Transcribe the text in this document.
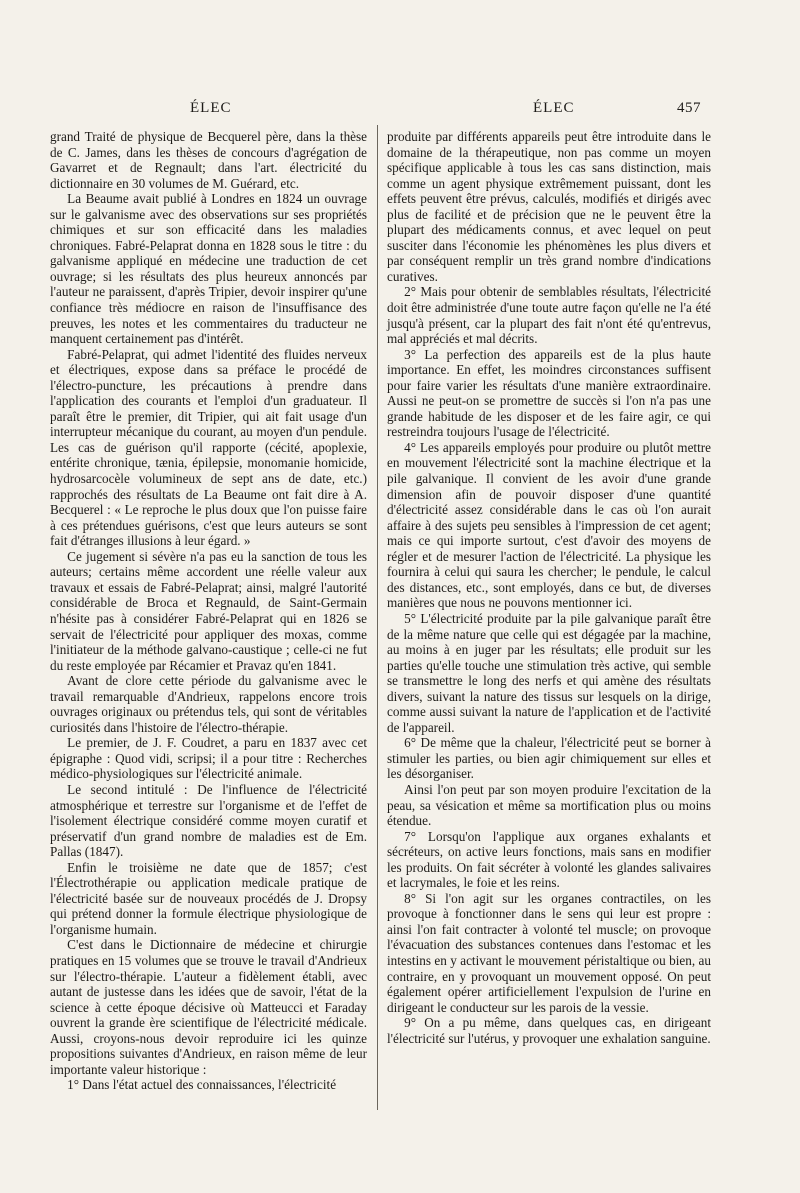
ÉLEC	ÉLEC	457

grand Traité de physique de Becquerel père, dans la thèse de C. James, dans les thèses de concours d'agrégation de Gavarret et de Regnault; dans l'art. électricité du dictionnaire en 30 volumes de M. Guérard, etc.

La Beaume avait publié à Londres en 1824 un ouvrage sur le galvanisme avec des observations sur ses propriétés chimiques et sur son efficacité dans les maladies chroniques. Fabré-Pelaprat donna en 1828 sous le titre : du galvanisme appliqué en médecine une traduction de cet ouvrage; si les résultats des plus heureux annoncés par l'auteur ne paraissent, d'après Tripier, devoir inspirer qu'une confiance très médiocre en raison de l'insuffisance des preuves, les notes et les commentaires du traducteur ne manquent certainement pas d'intérêt.

Fabré-Pelaprat, qui admet l'identité des fluides nerveux et électriques, expose dans sa préface le procédé de l'électro-puncture, les précautions à prendre dans l'application des courants et l'emploi d'un graduateur. Il paraît être le premier, dit Tripier, qui ait fait usage d'un interrupteur mécanique du courant, au moyen d'un pendule. Les cas de guérison qu'il rapporte (cécité, apoplexie, entérite chronique, tænia, épilepsie, monomanie homicide, hydrosarcocèle volumineux de sept ans de date, etc.) rapprochés des résultats de La Beaume ont fait dire à A. Becquerel : « Le reproche le plus doux que l'on puisse faire à ces prétendues guérisons, c'est que leurs auteurs se sont fait d'étranges illusions à leur égard. »

Ce jugement si sévère n'a pas eu la sanction de tous les auteurs; certains même accordent une réelle valeur aux travaux et essais de Fabré-Pelaprat; ainsi, malgré l'autorité considérable de Broca et Regnauld, de Saint-Germain n'hésite pas à considérer Fabré-Pelaprat qui en 1826 se servait de l'électricité pour appliquer des moxas, comme l'initiateur de la méthode galvano-caustique ; celle-ci ne fut du reste employée par Récamier et Pravaz qu'en 1841.

Avant de clore cette période du galvanisme avec le travail remarquable d'Andrieux, rappelons encore trois ouvrages originaux ou prétendus tels, qui sont de véritables curiosités dans l'histoire de l'électro-thérapie.

Le premier, de J. F. Coudret, a paru en 1837 avec cet épigraphe : Quod vidi, scripsi; il a pour titre : Recherches médico-physiologiques sur l'électricité animale.

Le second intitulé : De l'influence de l'électricité atmosphérique et terrestre sur l'organisme et de l'effet de l'isolement électrique considéré comme moyen curatif et préservatif d'un grand nombre de maladies est de Em. Pallas (1847).

Enfin le troisième ne date que de 1857; c'est l'Électrothérapie ou application medicale pratique de l'électricité basée sur de nouveaux procédés de J. Dropsy qui prétend donner la formule électrique physiologique de l'organisme humain.

C'est dans le Dictionnaire de médecine et chirurgie pratiques en 15 volumes que se trouve le travail d'Andrieux sur l'électro-thérapie. L'auteur a fidèlement établi, avec autant de justesse dans les idées que de savoir, l'état de la science à cette époque décisive où Matteucci et Faraday ouvrent la grande ère scientifique de l'électricité médicale. Aussi, croyons-nous devoir reproduire ici les quinze propositions suivantes d'Andrieux, en raison même de leur importante valeur historique :

1° Dans l'état actuel des connaissances, l'électricité

produite par différents appareils peut être introduite dans le domaine de la thérapeutique, non pas comme un moyen spécifique applicable à tous les cas sans distinction, mais comme un agent physique extrêmement puissant, dont les effets peuvent être prévus, calculés, modifiés et dirigés avec plus de facilité et de précision que ne le peuvent être la plupart des médicaments connus, et avec lequel on peut susciter dans l'économie les phénomènes les plus divers et par conséquent remplir un très grand nombre d'indications curatives.

2° Mais pour obtenir de semblables résultats, l'électricité doit être administrée d'une toute autre façon qu'elle ne l'a été jusqu'à présent, car la plupart des fait n'ont été qu'entrevus, mal appréciés et mal décrits.

3° La perfection des appareils est de la plus haute importance. En effet, les moindres circonstances suffisent pour faire varier les résultats d'une manière extraordinaire. Aussi ne peut-on se promettre de succès si l'on n'a pas une grande habitude de les disposer et de les faire agir, ce qui restreindra toujours l'usage de l'électricité.

4° Les appareils employés pour produire ou plutôt mettre en mouvement l'électricité sont la machine électrique et la pile galvanique. Il convient de les avoir d'une grande dimension afin de pouvoir disposer d'une quantité d'électricité assez considérable dans le cas où l'on aurait affaire à des sujets peu sensibles à l'impression de cet agent; mais ce qui importe surtout, c'est d'avoir des moyens de régler et de mesurer l'action de l'électricité. La physique les fournira à celui qui saura les chercher; le pendule, le calcul des distances, etc., sont employés, dans ce but, de diverses manières que nous ne pouvons mentionner ici.

5° L'électricité produite par la pile galvanique paraît être de la même nature que celle qui est dégagée par la machine, au moins à en juger par les résultats; elle produit sur les parties qu'elle touche une stimulation très active, qui semble se transmettre le long des nerfs et qui amène des résultats divers, suivant la nature des tissus sur lesquels on la dirige, comme aussi suivant la nature de l'application et de l'activité de l'appareil.

6° De même que la chaleur, l'électricité peut se borner à stimuler les parties, ou bien agir chimiquement sur elles et les désorganiser.

Ainsi l'on peut par son moyen produire l'excitation de la peau, sa vésication et même sa mortification plus ou moins étendue.

7° Lorsqu'on l'applique aux organes exhalants et sécréteurs, on active leurs fonctions, mais sans en modifier les produits. On fait sécréter à volonté les glandes salivaires et lacrymales, le foie et les reins.

8° Si l'on agit sur les organes contractiles, on les provoque à fonctionner dans le sens qui leur est propre : ainsi l'on fait contracter à volonté tel muscle; on provoque l'évacuation des substances contenues dans l'estomac et les intestins en y activant le mouvement péristaltique ou bien, au contraire, en y provoquant un mouvement opposé. On peut également opérer artificiellement l'expulsion de l'urine en dirigeant le conducteur sur les parois de la vessie.

9° On a pu même, dans quelques cas, en dirigeant l'électricité sur l'utérus, y provoquer une exhalation sanguine.
